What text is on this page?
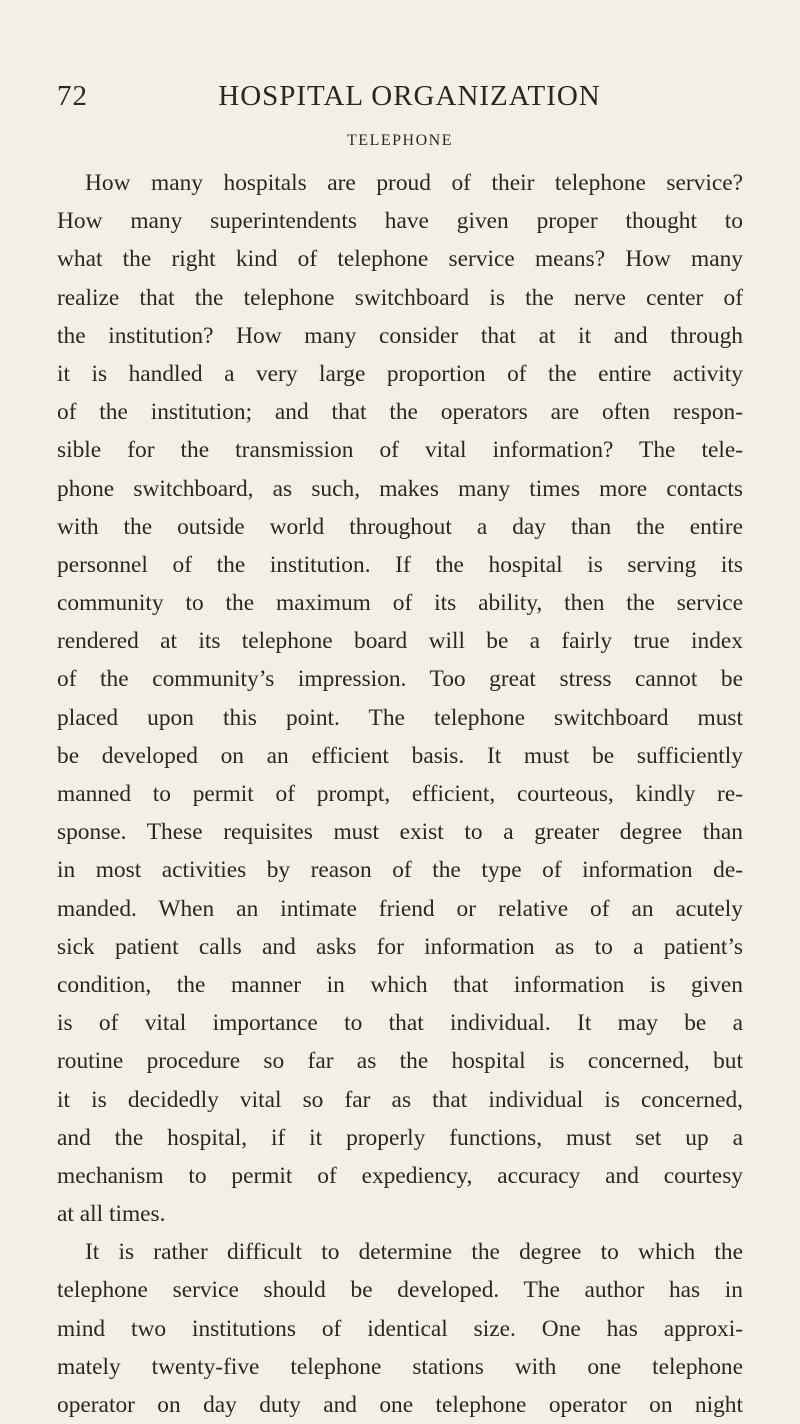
72	HOSPITAL ORGANIZATION
TELEPHONE
How many hospitals are proud of their telephone service?
How many superintendents have given proper thought to
what the right kind of telephone service means? How many
realize that the telephone switchboard is the nerve center of
the institution? How many consider that at it and through
it is handled a very large proportion of the entire activity
of the institution; and that the operators are often respon-
sible for the transmission of vital information? The tele-
phone switchboard, as such, makes many times more contacts
with the outside world throughout a day than the entire
personnel of the institution. If the hospital is serving its
community to the maximum of its ability, then the service
rendered at its telephone board will be a fairly true index
of the community’s impression. Too great stress cannot be
placed upon this point. The telephone switchboard must
be developed on an efficient basis. It must be sufficiently
manned to permit of prompt, efficient, courteous, kindly re-
sponse. These requisites must exist to a greater degree than
in most activities by reason of the type of information de-
manded. When an intimate friend or relative of an acutely
sick patient calls and asks for information as to a patient’s
condition, the manner in which that information is given
is of vital importance to that individual. It may be a
routine procedure so far as the hospital is concerned, but
it is decidedly vital so far as that individual is concerned,
and the hospital, if it properly functions, must set up a
mechanism to permit of expediency, accuracy and courtesy
at all times.
It is rather difficult to determine the degree to which the
telephone service should be developed. The author has in
mind two institutions of identical size. One has approxi-
mately twenty-five telephone stations with one telephone
operator on day duty and one telephone operator on night
